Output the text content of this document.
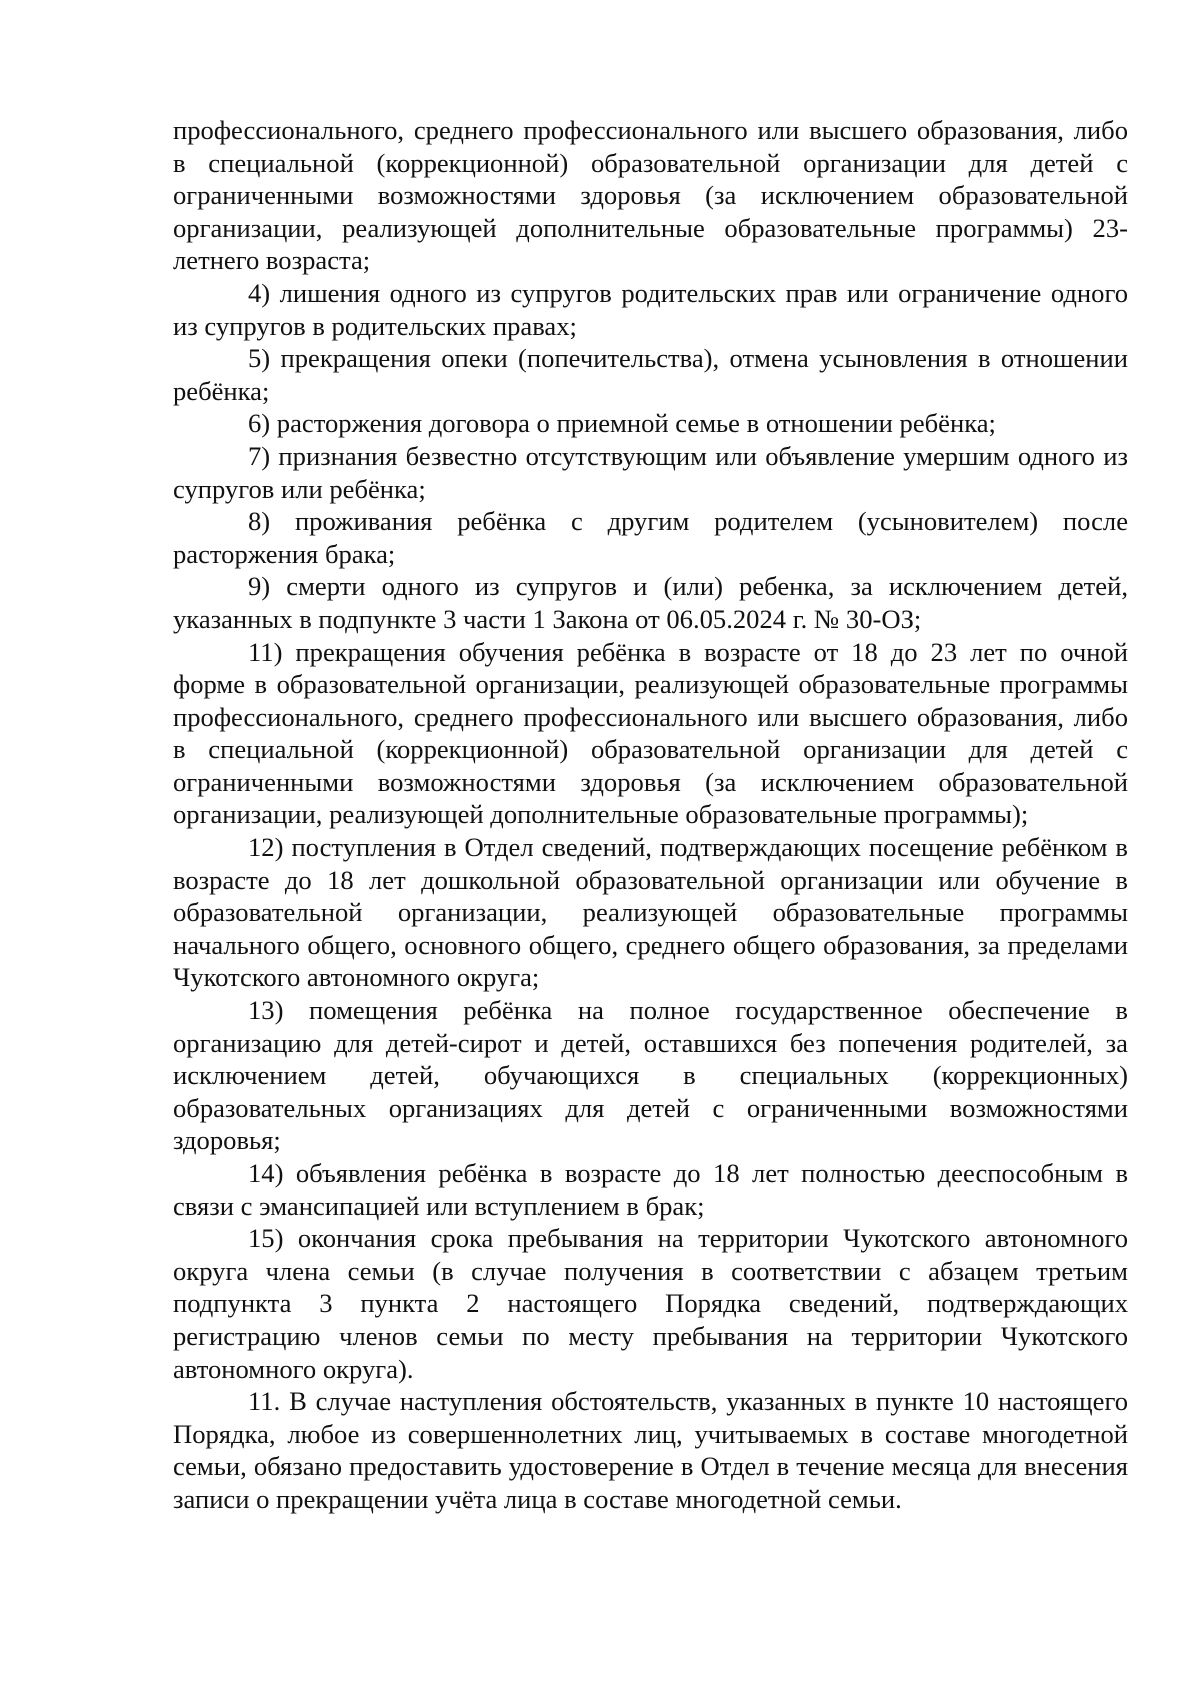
профессионального, среднего профессионального или высшего образования, либо в специальной (коррекционной) образовательной организации для детей с ограниченными возможностями здоровья (за исключением образовательной организации, реализующей дополнительные образовательные программы) 23-летнего возраста;

4) лишения одного из супругов родительских прав или ограничение одного из супругов в родительских правах;

5) прекращения опеки (попечительства), отмена усыновления в отношении ребёнка;

6) расторжения договора о приемной семье в отношении ребёнка;

7) признания безвестно отсутствующим или объявление умершим одного из супругов или ребёнка;

8) проживания ребёнка с другим родителем (усыновителем) после расторжения брака;

9) смерти одного из супругов и (или) ребенка, за исключением детей, указанных в подпункте 3 части 1 Закона от 06.05.2024 г. № 30-ОЗ;

11) прекращения обучения ребёнка в возрасте от 18 до 23 лет по очной форме в образовательной организации, реализующей образовательные программы профессионального, среднего профессионального или высшего образования, либо в специальной (коррекционной) образовательной организации для детей с ограниченными возможностями здоровья (за исключением образовательной организации, реализующей дополнительные образовательные программы);

12) поступления в Отдел сведений, подтверждающих посещение ребёнком в возрасте до 18 лет дошкольной образовательной организации или обучение в образовательной организации, реализующей образовательные программы начального общего, основного общего, среднего общего образования, за пределами Чукотского автономного округа;

13) помещения ребёнка на полное государственное обеспечение в организацию для детей-сирот и детей, оставшихся без попечения родителей, за исключением детей, обучающихся в специальных (коррекционных) образовательных организациях для детей с ограниченными возможностями здоровья;

14) объявления ребёнка в возрасте до 18 лет полностью дееспособным в связи с эмансипацией или вступлением в брак;

15) окончания срока пребывания на территории Чукотского автономного округа члена семьи (в случае получения в соответствии с абзацем третьим подпункта 3 пункта 2 настоящего Порядка сведений, подтверждающих регистрацию членов семьи по месту пребывания на территории Чукотского автономного округа).

11. В случае наступления обстоятельств, указанных в пункте 10 настоящего Порядка, любое из совершеннолетних лиц, учитываемых в составе многодетной семьи, обязано предоставить удостоверение в Отдел в течение месяца для внесения записи о прекращении учёта лица в составе многодетной семьи.
